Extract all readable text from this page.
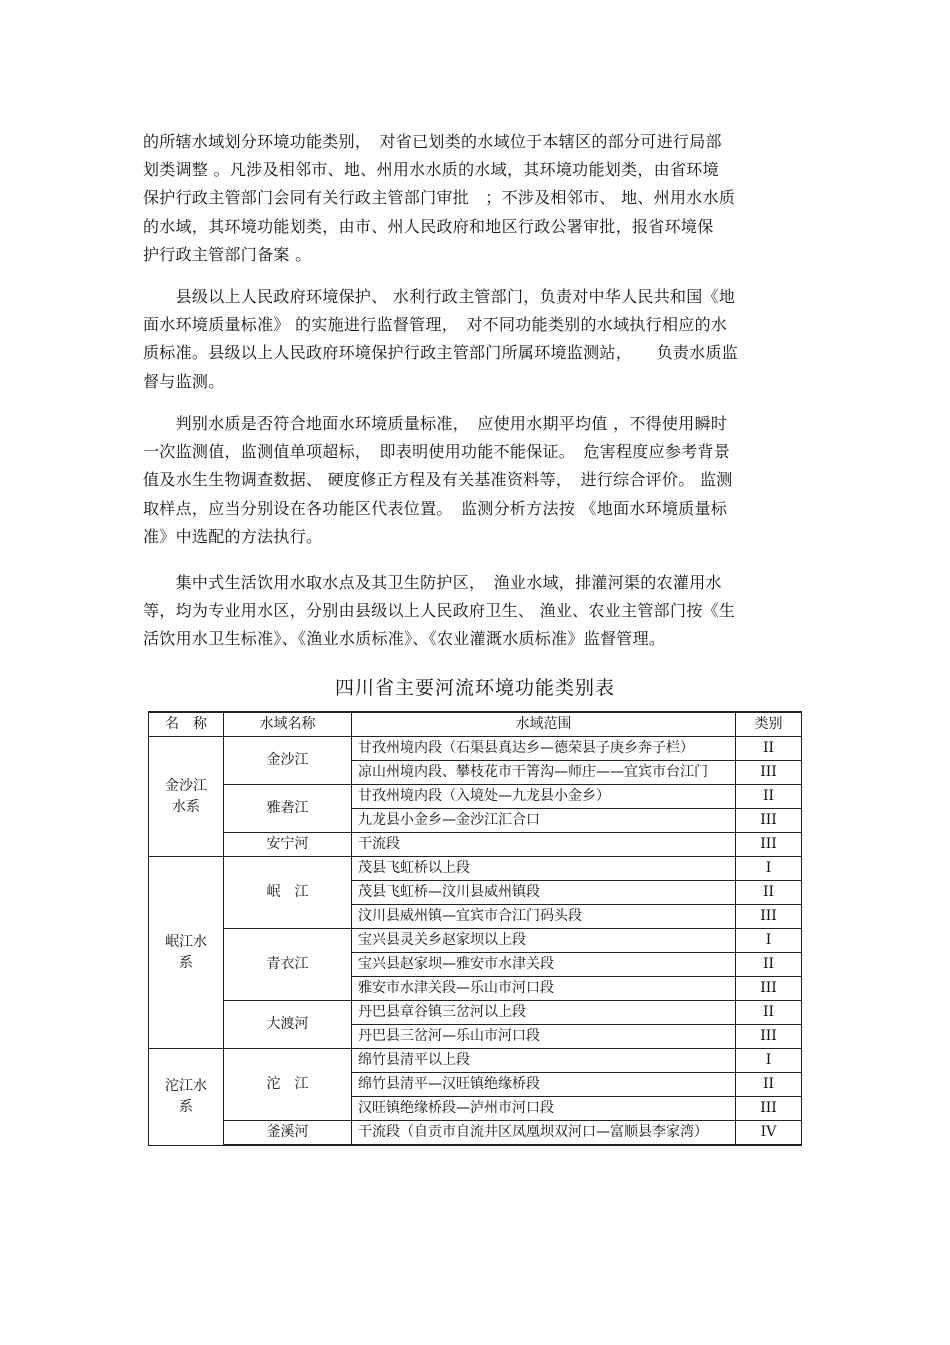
的所辖水域划分环境功能类别，　对省已划类的水域位于本辖区的部分可进行局部

划类调整 。凡涉及相邻市、地、州用水水质的水域，其环境功能划类，由省环境

保护行政主管部门会同有关行政主管部门审批　；不涉及相邻市、 地、州用水水质

的水域，其环境功能划类，由市、州人民政府和地区行政公署审批，报省环境保

护行政主管部门备案 。

　　县级以上人民政府环境保护、 水利行政主管部门，负责对中华人民共和国《地

面水环境质量标准》 的实施进行监督管理，　对不同功能类别的水域执行相应的水

质标准。县级以上人民政府环境保护行政主管部门所属环境监测站，　　负责水质监

督与监测。

　　判别水质是否符合地面水环境质量标准，　应使用水期平均值 ，不得使用瞬时

一次监测值，监测值单项超标，　即表明使用功能不能保证。　危害程度应参考背景

值及水生生物调查数据、 硬度修正方程及有关基准资料等，　进行综合评价。 监测

取样点，应当分别设在各功能区代表位置。　监测分析方法按 《地面水环境质量标

准》中选配的方法执行。

　　集中式生活饮用水取水点及其卫生防护区，　渔业水域，排灌河渠的农灌用水

等，均为专业用水区，分别由县级以上人民政府卫生、 渔业、农业主管部门按《生

活饮用水卫生标准》、《渔业水质标准》、《农业灌溉水质标准》监督管理。

四川省主要河流环境功能类别表
名　称	水域名称	水域范围	类别
金沙江水系	金沙江	甘孜州境内段（石渠县真达乡—德荣县子庚乡奔子栏）	II
		凉山州境内段、攀枝花市干箐沟—师庄——宜宾市台江门	III
	雅砻江	甘孜州境内段（入境处—九龙县小金乡）	II
		九龙县小金乡—金沙江汇合口	III
	安宁河	干流段	III
岷江水系	岷　江	茂县飞虹桥以上段	I
		茂县飞虹桥—汶川县威州镇段	II
		汶川县威州镇—宜宾市合江门码头段	III
	青衣江	宝兴县灵关乡赵家坝以上段	I
		宝兴县赵家坝—雅安市水津关段	II
		雅安市水津关段—乐山市河口段	III
	大渡河	丹巴县章谷镇三岔河以上段	II
		丹巴县三岔河—乐山市河口段	III
沱江水系	沱　江	绵竹县清平以上段	I
		绵竹县清平—汉旺镇绝缘桥段	II
		汉旺镇绝缘桥段—泸州市河口段	III
	釜溪河	干流段（自贡市自流井区凤凰坝双河口—富顺县李家湾）	IV
